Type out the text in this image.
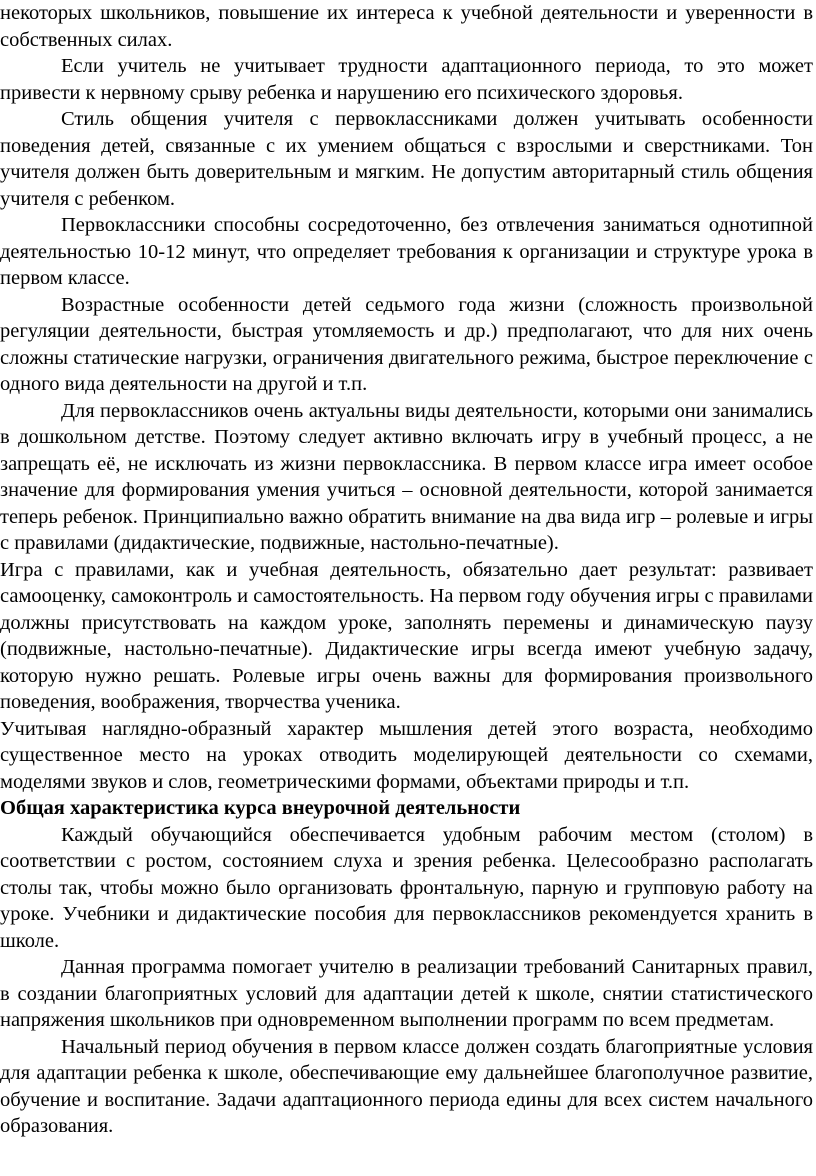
некоторых школьников, повышение их интереса к учебной деятельности и уверенности в собственных силах.

Если учитель не учитывает трудности адаптационного периода, то это может привести к нервному срыву ребенка и нарушению его психического здоровья.

Стиль общения учителя с первоклассниками должен учитывать особенности поведения детей, связанные с их умением общаться с взрослыми и сверстниками. Тон учителя должен быть доверительным и мягким. Не допустим авторитарный стиль общения учителя с ребенком.

Первоклассники способны сосредоточенно, без отвлечения заниматься однотипной деятельностью 10-12 минут, что определяет требования к организации и структуре урока в первом классе.

Возрастные особенности детей седьмого года жизни (сложность произвольной регуляции деятельности, быстрая утомляемость и др.) предполагают, что для них очень сложны статические нагрузки, ограничения двигательного режима, быстрое переключение с одного вида деятельности на другой и т.п.

Для первоклассников очень актуальны виды деятельности, которыми они занимались в дошкольном детстве. Поэтому следует активно включать игру в учебный процесс, а не запрещать её, не исключать из жизни первоклассника. В первом классе игра имеет особое значение для формирования умения учиться – основной деятельности, которой занимается теперь ребенок. Принципиально важно обратить внимание на два вида игр – ролевые и игры с правилами (дидактические, подвижные, настольно-печатные).

Игра с правилами, как и учебная деятельность, обязательно дает результат: развивает самооценку, самоконтроль и самостоятельность. На первом году обучения игры с правилами должны присутствовать на каждом уроке, заполнять перемены и динамическую паузу (подвижные, настольно-печатные). Дидактические игры всегда имеют учебную задачу, которую нужно решать. Ролевые игры очень важны для формирования произвольного поведения, воображения, творчества ученика.

Учитывая наглядно-образный характер мышления детей этого возраста, необходимо существенное место на уроках отводить моделирующей деятельности со схемами, моделями звуков и слов, геометрическими формами, объектами природы и т.п.

Общая характеристика курса внеурочной деятельности

Каждый обучающийся обеспечивается удобным рабочим местом (столом) в соответствии с ростом, состоянием слуха и зрения ребенка. Целесообразно располагать столы так, чтобы можно было организовать фронтальную, парную и групповую работу на уроке. Учебники и дидактические пособия для первоклассников рекомендуется хранить в школе.

Данная программа помогает учителю в реализации требований Санитарных правил, в создании благоприятных условий для адаптации детей к школе, снятии статистического напряжения школьников при одновременном выполнении программ по всем предметам.

Начальный период обучения в первом классе должен создать благоприятные условия для адаптации ребенка к школе, обеспечивающие ему дальнейшее благополучное развитие, обучение и воспитание. Задачи адаптационного периода едины для всех систем начального образования.
